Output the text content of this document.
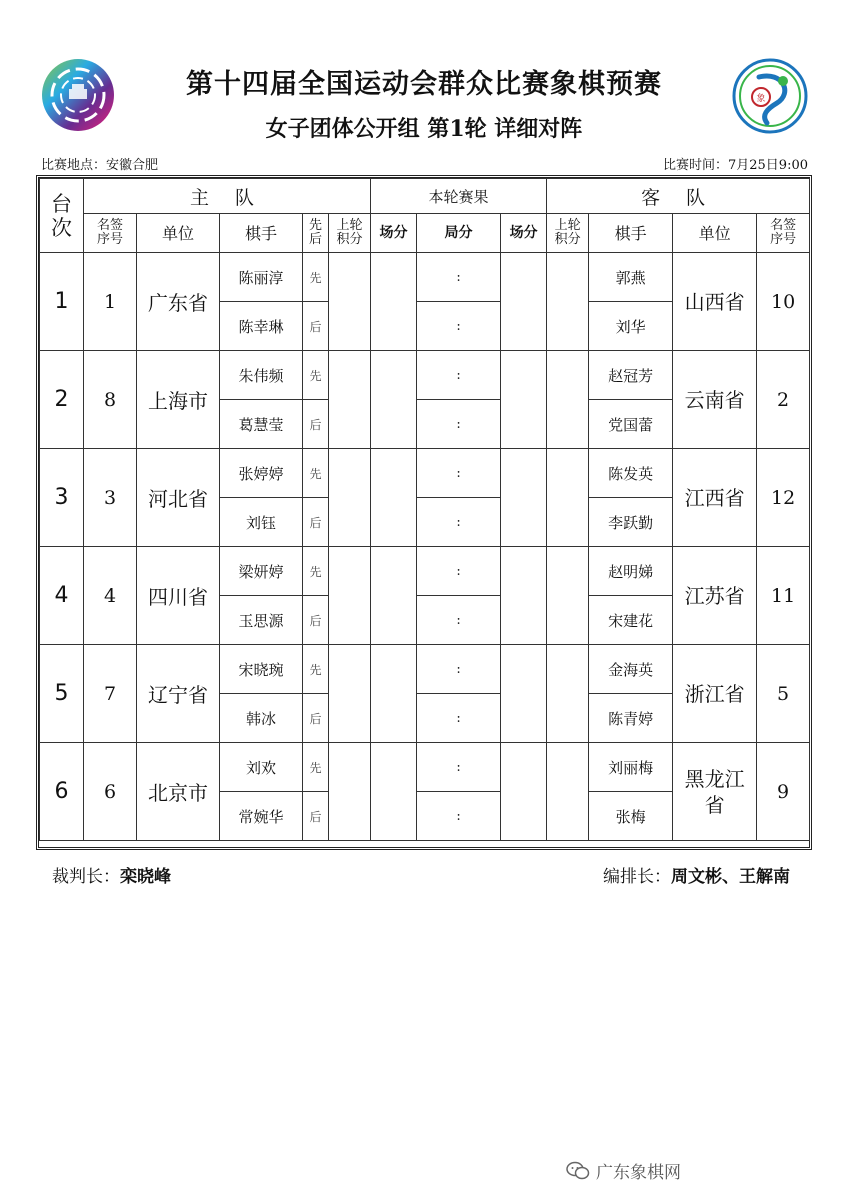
象
第十四届全国运动会群众比赛象棋预赛
女子团体公开组 第1轮 详细对阵
比赛地点：安徽合肥	比赛时间：7月25日9:00
台次	主 队					本轮赛果			客 队			

	名签序号	单位	棋手	先后	上轮积分	场分	局分	场分	上轮积分	棋手	单位	名签序号

1	1	广东省	陈丽淳	先			:			郭燕	山西省	10
			陈幸琳	后			:			刘华		
2	8	上海市	朱伟频	先			:			赵冠芳	云南省	2
			葛慧莹	后			:			党国蕾		
3	3	河北省	张婷婷	先			:			陈发英	江西省	12
			刘钰	后			:			李跃勤		
4	4	四川省	梁妍婷	先			:			赵明娣	江苏省	11
			玉思源	后			:			宋建花		
5	7	辽宁省	宋晓琬	先			:			金海英	浙江省	5
			韩冰	后			:			陈青婷		
6	6	北京市	刘欢	先			:			刘丽梅	黑龙江省	9
			常婉华	后			:			张梅		
裁判长：栾晓峰	编排长：周文彬、王解南
广东象棋网
